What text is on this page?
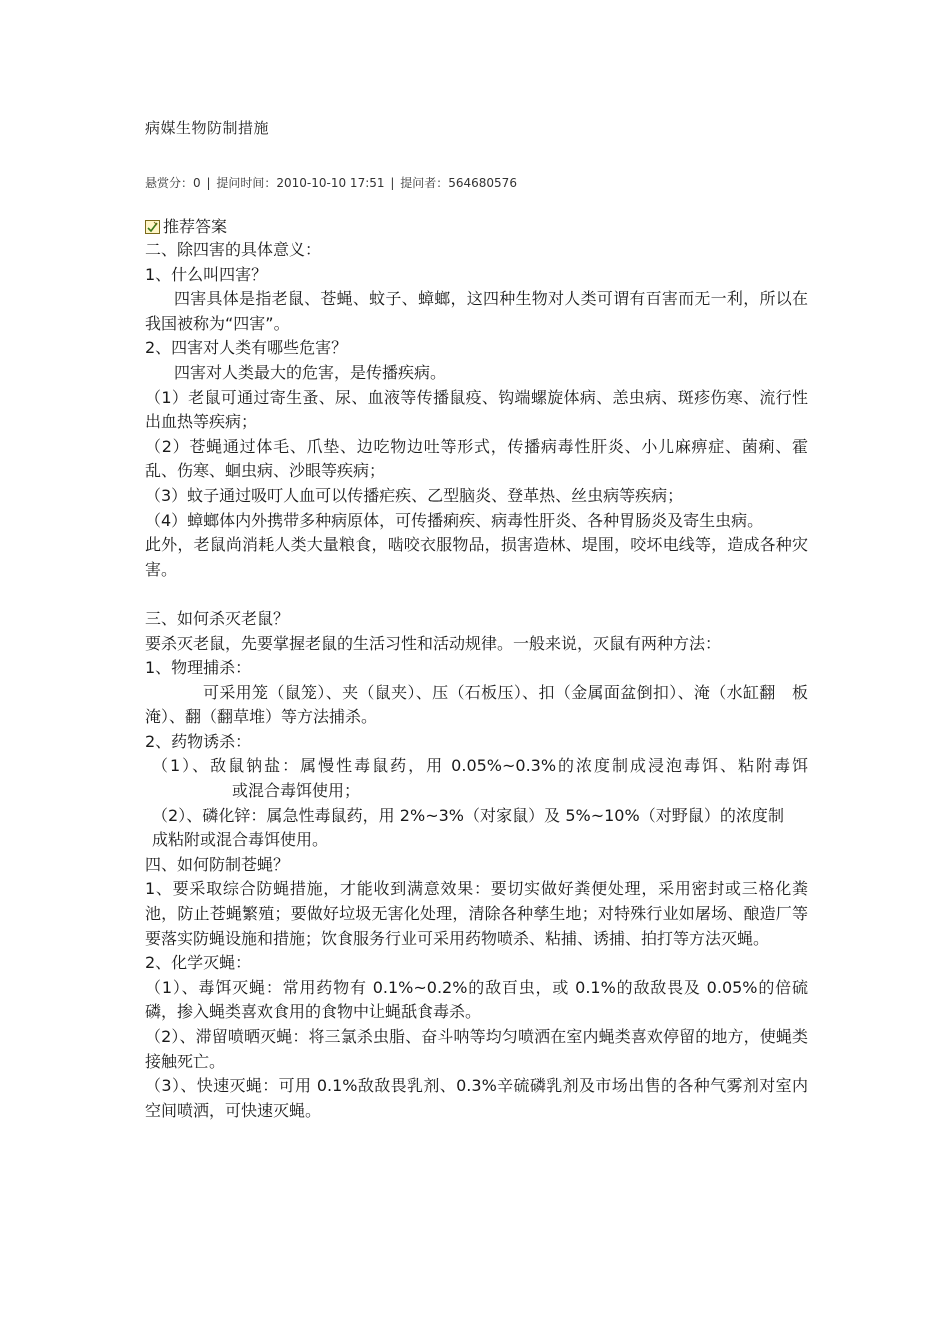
病媒生物防制措施
悬赏分：0 | 提问时间：2010-10-10 17:51 | 提问者：564680576
推荐答案

二、除四害的具体意义：

1、什么叫四害？

四害具体是指老鼠、苍蝇、蚊子、蟑螂，这四种生物对人类可谓有百害而无一利，所以在我国被称为“四害”。

2、四害对人类有哪些危害？

四害对人类最大的危害，是传播疾病。

（1）老鼠可通过寄生蚤、尿、血液等传播鼠疫、钩端螺旋体病、恙虫病、斑疹伤寒、流行性出血热等疾病；

（2）苍蝇通过体毛、爪垫、边吃物边吐等形式，传播病毒性肝炎、小儿麻痹症、菌痢、霍乱、伤寒、蛔虫病、沙眼等疾病；

（3）蚊子通过吸叮人血可以传播疟疾、乙型脑炎、登革热、丝虫病等疾病；

（4）蟑螂体内外携带多种病原体，可传播痢疾、病毒性肝炎、各种胃肠炎及寄生虫病。

此外，老鼠尚消耗人类大量粮食，啮咬衣服物品，损害造林、堤围，咬坏电线等，造成各种灾害。

三、如何杀灭老鼠？

要杀灭老鼠，先要掌握老鼠的生活习性和活动规律。一般来说，灭鼠有两种方法：

1、物理捕杀：

可采用笼（鼠笼）、夹（鼠夹）、压（石板压）、扣（金属面盆倒扣）、淹（水缸翻　板淹）、翻（翻草堆）等方法捕杀。

2、药物诱杀：

（1）、敌鼠钠盐：属慢性毒鼠药，用 0.05%~0.3%的浓度制成浸泡毒饵、粘附毒饵或混合毒饵使用；

（2）、磷化锌：属急性毒鼠药，用 2%~3%（对家鼠）及 5%~10%（对野鼠）的浓度制成粘附或混合毒饵使用。

四、如何防制苍蝇？

1、要采取综合防蝇措施，才能收到满意效果：要切实做好粪便处理，采用密封或三格化粪池，防止苍蝇繁殖；要做好垃圾无害化处理，清除各种孳生地；对特殊行业如屠场、酿造厂等要落实防蝇设施和措施；饮食服务行业可采用药物喷杀、粘捕、诱捕、拍打等方法灭蝇。

2、化学灭蝇：

（1）、毒饵灭蝇：常用药物有 0.1%~0.2%的敌百虫，或 0.1%的敌敌畏及 0.05%的倍硫磷，掺入蝇类喜欢食用的食物中让蝇舐食毒杀。

（2）、滞留喷晒灭蝇：将三氯杀虫脂、奋斗呐等均匀喷洒在室内蝇类喜欢停留的地方，使蝇类接触死亡。

（3）、快速灭蝇：可用 0.1%敌敌畏乳剂、0.3%辛硫磷乳剂及市场出售的各种气雾剂对室内空间喷洒，可快速灭蝇。
